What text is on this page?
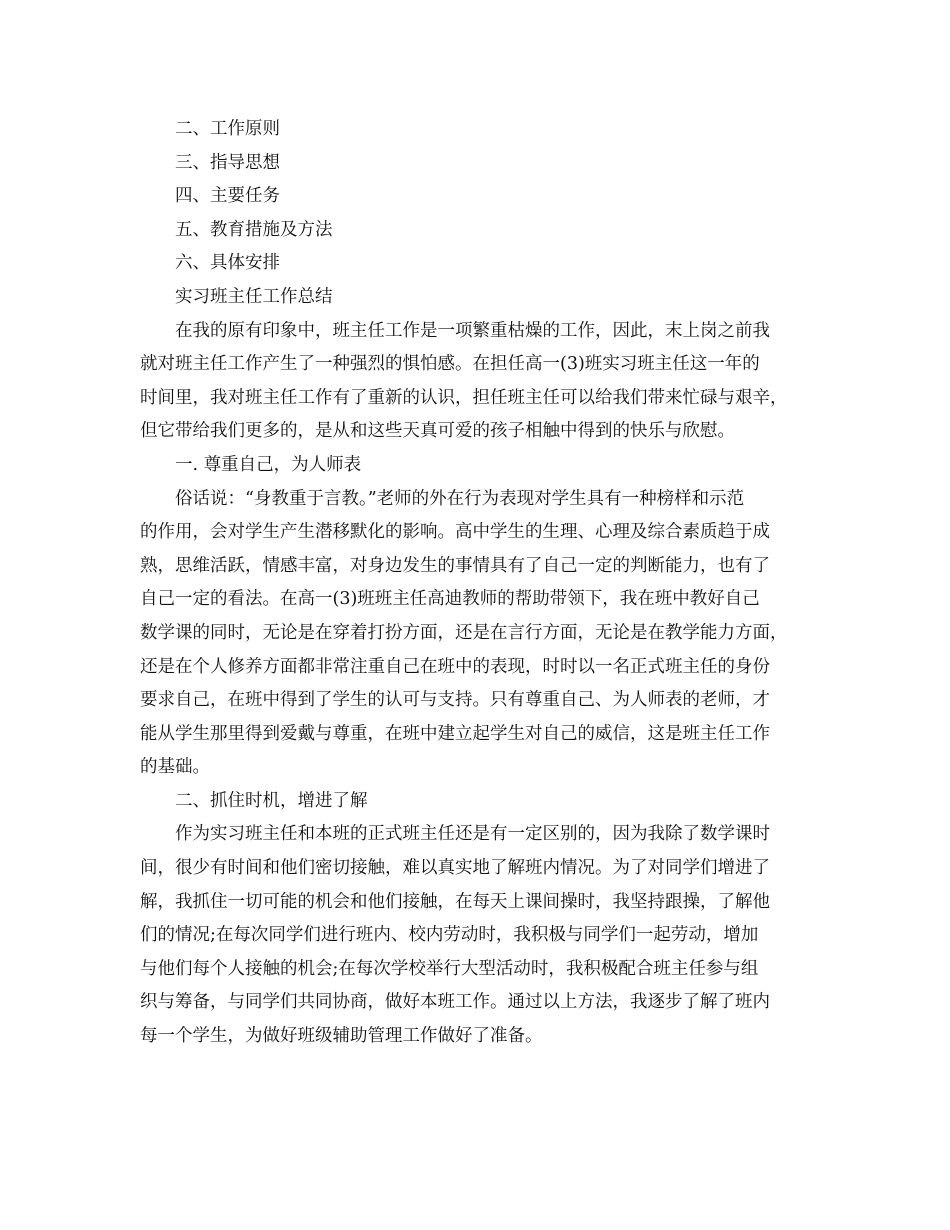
二、工作原则
三、指导思想
四、主要任务
五、教育措施及方法
六、具体安排
实习班主任工作总结
在我的原有印象中，班主任工作是一项繁重枯燥的工作，因此，末上岗之前我
就对班主任工作产生了一种强烈的惧怕感。在担任高一(3)班实习班主任这一年的
时间里，我对班主任工作有了重新的认识，担任班主任可以给我们带来忙碌与艰辛，
但它带给我们更多的，是从和这些天真可爱的孩子相触中得到的快乐与欣慰。
一. 尊重自己，为人师表
俗话说：“身教重于言教。”老师的外在行为表现对学生具有一种榜样和示范
的作用，会对学生产生潜移默化的影响。高中学生的生理、心理及综合素质趋于成
熟，思维活跃，情感丰富，对身边发生的事情具有了自己一定的判断能力，也有了
自己一定的看法。在高一(3)班班主任高迪教师的帮助带领下，我在班中教好自己
数学课的同时，无论是在穿着打扮方面，还是在言行方面，无论是在教学能力方面，
还是在个人修养方面都非常注重自己在班中的表现，时时以一名正式班主任的身份
要求自己，在班中得到了学生的认可与支持。只有尊重自己、为人师表的老师，才
能从学生那里得到爱戴与尊重，在班中建立起学生对自己的威信，这是班主任工作
的基础。
二、抓住时机，增进了解
作为实习班主任和本班的正式班主任还是有一定区别的，因为我除了数学课时
间，很少有时间和他们密切接触，难以真实地了解班内情况。为了对同学们增进了
解，我抓住一切可能的机会和他们接触，在每天上课间操时，我坚持跟操，了解他
们的情况;在每次同学们进行班内、校内劳动时，我积极与同学们一起劳动，增加
与他们每个人接触的机会;在每次学校举行大型活动时，我积极配合班主任参与组
织与筹备，与同学们共同协商，做好本班工作。通过以上方法，我逐步了解了班内
每一个学生，为做好班级辅助管理工作做好了准备。
